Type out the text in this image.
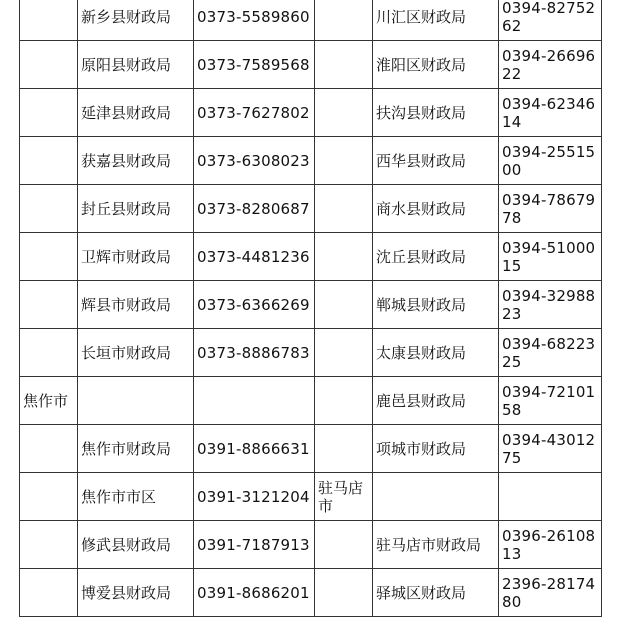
	新乡县财政局	0373-5589860		川汇区财政局	0394-8275262
	原阳县财政局	0373-7589568		淮阳区财政局	0394-2669622
	延津县财政局	0373-7627802		扶沟县财政局	0394-6234614
	获嘉县财政局	0373-6308023		西华县财政局	0394-2551500
	封丘县财政局	0373-8280687		商水县财政局	0394-7867978
	卫辉市财政局	0373-4481236		沈丘县财政局	0394-5100015
	辉县市财政局	0373-6366269		郸城县财政局	0394-3298823
	长垣市财政局	0373-8886783		太康县财政局	0394-6822325
焦作市				鹿邑县财政局	0394-7210158
	焦作市财政局	0391-8866631		项城市财政局	0394-4301275
	焦作市市区	0391-3121204	驻马店市		
	修武县财政局	0391-7187913		驻马店市财政局	0396-2610813
	博爱县财政局	0391-8686201		驿城区财政局	2396-2817480
